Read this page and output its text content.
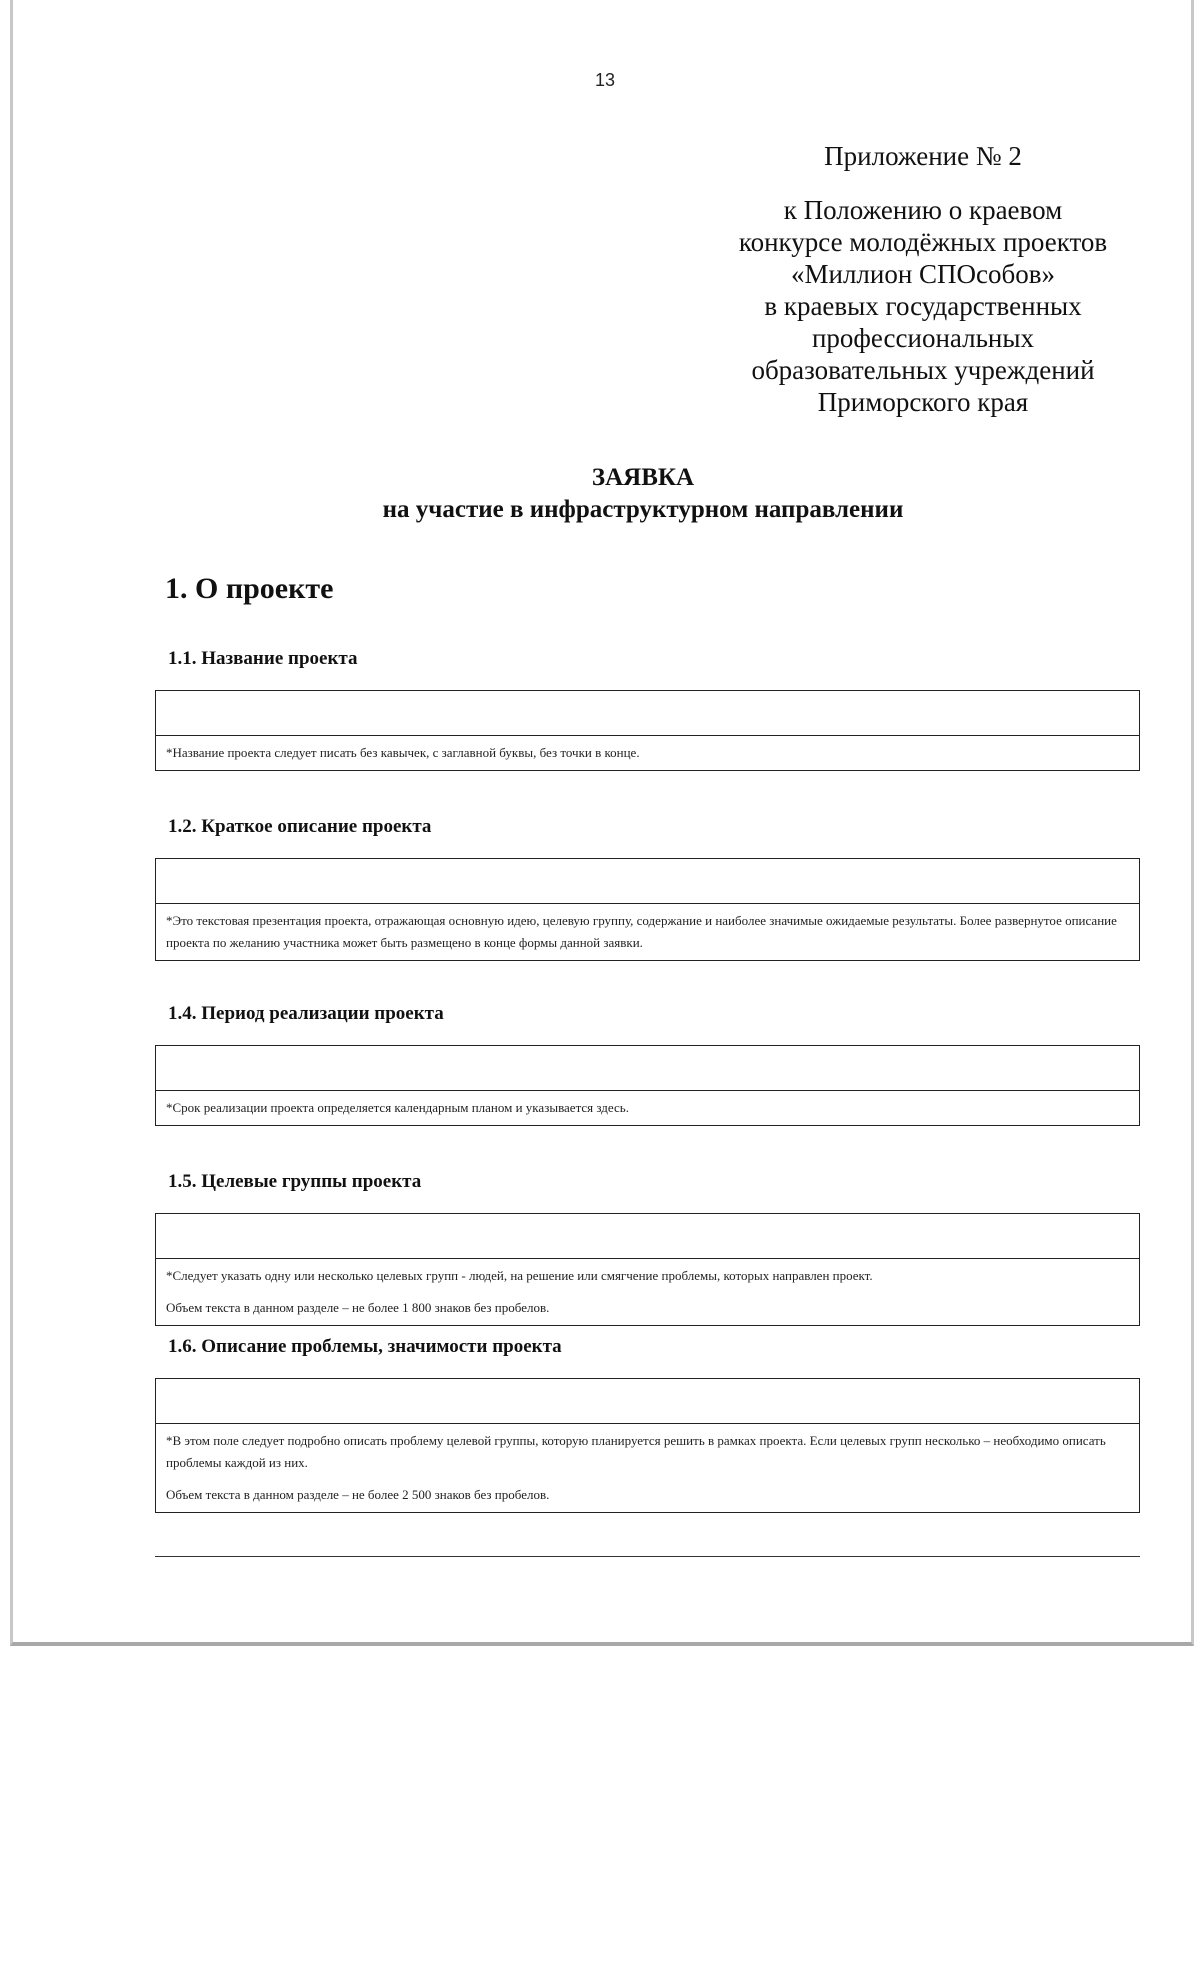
13
Приложение № 2
к Положению о краевом
конкурсе молодёжных проектов
«Миллион СПОсобов»
в краевых государственных
профессиональных
образовательных учреждений
Приморского края
ЗАЯВКА
на участие в инфраструктурном направлении
1. О проекте
1.1. Название проекта

*Название проекта следует писать без кавычек, с заглавной буквы, без точки в конце.

1.2. Краткое описание проекта

*Это текстовая презентация проекта, отражающая основную идею, целевую группу, содержание и наиболее значимые ожидаемые результаты. Более развернутое описание проекта по желанию участника может быть размещено в конце формы данной заявки.

1.4. Период реализации проекта

*Срок реализации проекта определяется календарным планом и указывается здесь.

1.5. Целевые группы проекта

*Следует указать одну или несколько целевых групп - людей, на решение или смягчение проблемы, которых направлен проект.

Объем текста в данном разделе – не более 1 800 знаков без пробелов.

1.6. Описание проблемы, значимости проекта

*В этом поле следует подробно описать проблему целевой группы, которую планируется решить в рамках проекта. Если целевых групп несколько – необходимо описать проблемы каждой из них.

Объем текста в данном разделе – не более 2 500 знаков без пробелов.
